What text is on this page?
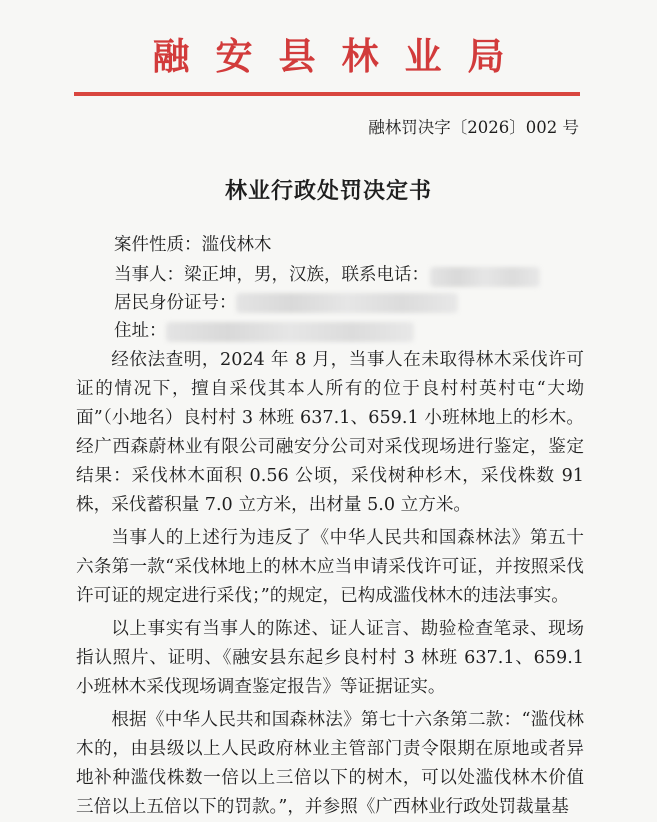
融安县林业局
融林罚决字〔2026〕002 号
林业行政处罚决定书
案件性质：滥伐林木
当事人：梁正坤，男，汉族，联系电话：
居民身份证号：
住址：

经依法查明，2024 年 8 月，当事人在未取得林木采伐许可证的情况下，擅自采伐其本人所有的位于良村村英村屯“大坳面”（小地名）良村村 3 林班 637.1、659.1 小班林地上的杉木。经广西森蔚林业有限公司融安分公司对采伐现场进行鉴定，鉴定结果：采伐林木面积 0.56 公顷，采伐树种杉木，采伐株数 91 株，采伐蓄积量 7.0 立方米，出材量 5.0 立方米。

当事人的上述行为违反了《中华人民共和国森林法》第五十六条第一款“采伐林地上的林木应当申请采伐许可证，并按照采伐许可证的规定进行采伐；”的规定，已构成滥伐林木的违法事实。

以上事实有当事人的陈述、证人证言、勘验检查笔录、现场指认照片、证明、《融安县东起乡良村村 3 林班 637.1、659.1 小班林木采伐现场调查鉴定报告》等证据证实。

根据《中华人民共和国森林法》第七十六条第二款：“滥伐林木的，由县级以上人民政府林业主管部门责令限期在原地或者异地补种滥伐株数一倍以上三倍以下的树木，可以处滥伐林木价值三倍以上五倍以下的罚款。”，并参照《广西林业行政处罚裁量基
